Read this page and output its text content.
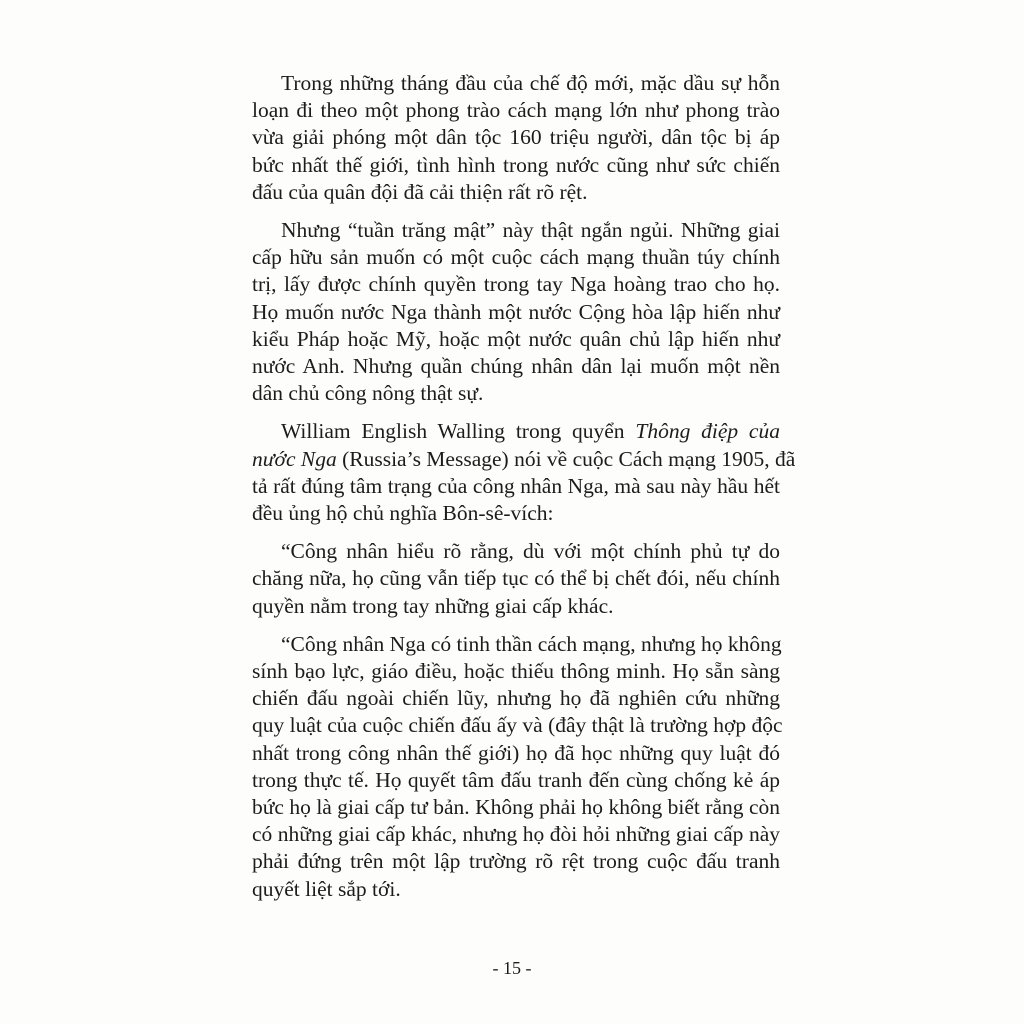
Trong những tháng đầu của chế độ mới, mặc dầu sự hỗn
loạn đi theo một phong trào cách mạng lớn như phong trào
vừa giải phóng một dân tộc 160 triệu người, dân tộc bị áp
bức nhất thế giới, tình hình trong nước cũng như sức chiến
đấu của quân đội đã cải thiện rất rõ rệt.

Nhưng “tuần trăng mật” này thật ngắn ngủi. Những giai
cấp hữu sản muốn có một cuộc cách mạng thuần túy chính
trị, lấy được chính quyền trong tay Nga hoàng trao cho họ.
Họ muốn nước Nga thành một nước Cộng hòa lập hiến như
kiểu Pháp hoặc Mỹ, hoặc một nước quân chủ lập hiến như
nước Anh. Nhưng quần chúng nhân dân lại muốn một nền
dân chủ công nông thật sự.

William English Walling trong quyển Thông điệp của
nước Nga (Russia’s Message) nói về cuộc Cách mạng 1905, đã
tả rất đúng tâm trạng của công nhân Nga, mà sau này hầu hết
đều ủng hộ chủ nghĩa Bôn-sê-vích:

“Công nhân hiểu rõ rằng, dù với một chính phủ tự do
chăng nữa, họ cũng vẫn tiếp tục có thể bị chết đói, nếu chính
quyền nằm trong tay những giai cấp khác.

“Công nhân Nga có tinh thần cách mạng, nhưng họ không
sính bạo lực, giáo điều, hoặc thiếu thông minh. Họ sẵn sàng
chiến đấu ngoài chiến lũy, nhưng họ đã nghiên cứu những
quy luật của cuộc chiến đấu ấy và (đây thật là trường hợp độc
nhất trong công nhân thế giới) họ đã học những quy luật đó
trong thực tế. Họ quyết tâm đấu tranh đến cùng chống kẻ áp
bức họ là giai cấp tư bản. Không phải họ không biết rằng còn
có những giai cấp khác, nhưng họ đòi hỏi những giai cấp này
phải đứng trên một lập trường rõ rệt trong cuộc đấu tranh
quyết liệt sắp tới.

- 15 -
